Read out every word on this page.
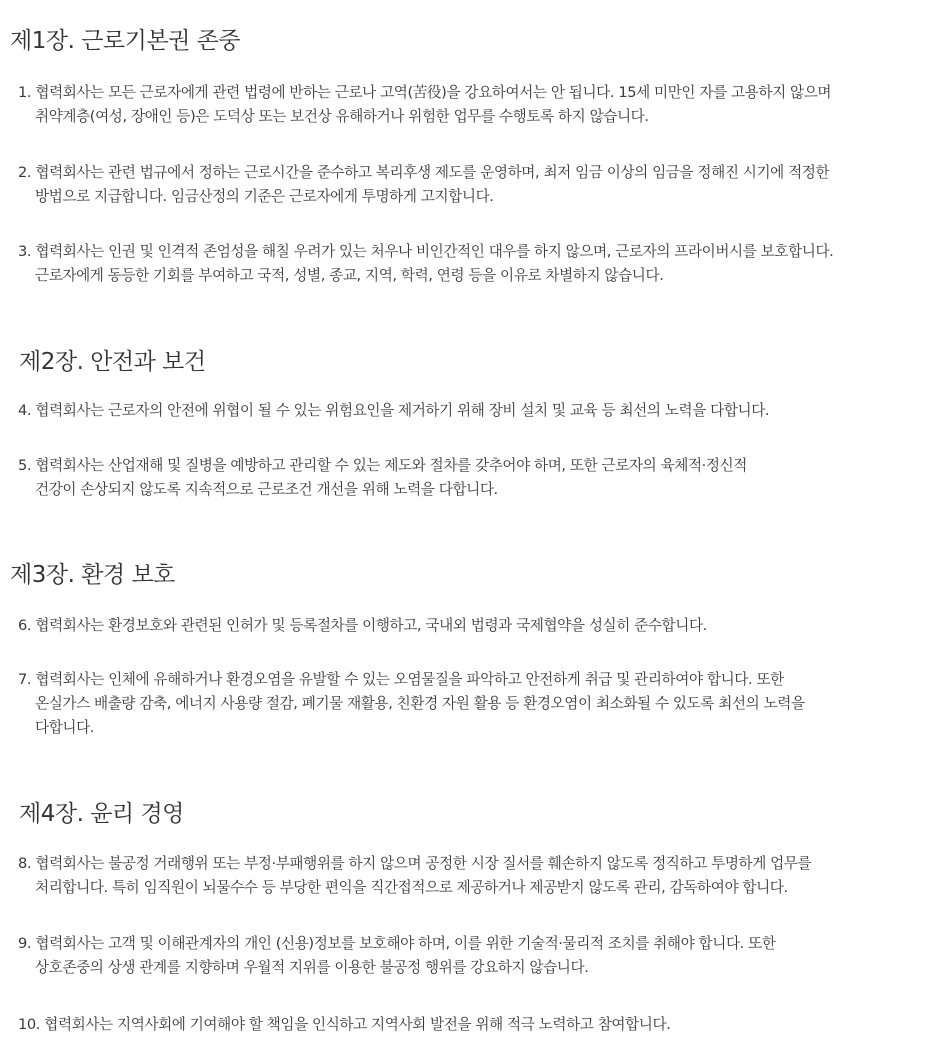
제1장. 근로기본권 존중

1. 협력회사는 모든 근로자에게 관련 법령에 반하는 근로나 고역(苦役)을 강요하여서는 안 됩니다. 15세 미만인 자를 고용하지 않으며
취약계층(여성, 장애인 등)은 도덕상 또는 보건상 유해하거나 위험한 업무를 수행토록 하지 않습니다.

2. 협력회사는 관련 법규에서 정하는 근로시간을 준수하고 복리후생 제도를 운영하며, 최저 임금 이상의 임금을 정해진 시기에 적정한
방법으로 지급합니다. 임금산정의 기준은 근로자에게 투명하게 고지합니다.

3. 협력회사는 인권 및 인격적 존엄성을 해칠 우려가 있는 처우나 비인간적인 대우를 하지 않으며, 근로자의 프라이버시를 보호합니다.
근로자에게 동등한 기회를 부여하고 국적, 성별, 종교, 지역, 학력, 연령 등을 이유로 차별하지 않습니다.

제2장. 안전과 보건

4. 협력회사는 근로자의 안전에 위협이 될 수 있는 위험요인을 제거하기 위해 장비 설치 및 교육 등 최선의 노력을 다합니다.

5. 협력회사는 산업재해 및 질병을 예방하고 관리할 수 있는 제도와 절차를 갖추어야 하며, 또한 근로자의 육체적·정신적
건강이 손상되지 않도록 지속적으로 근로조건 개선을 위해 노력을 다합니다.

제3장. 환경 보호

6. 협력회사는 환경보호와 관련된 인허가 및 등록절차를 이행하고, 국내외 법령과 국제협약을 성실히 준수합니다.

7. 협력회사는 인체에 유해하거나 환경오염을 유발할 수 있는 오염물질을 파악하고 안전하게 취급 및 관리하여야 합니다. 또한
온실가스 배출량 감축, 에너지 사용량 절감, 폐기물 재활용, 친환경 자원 활용 등 환경오염이 최소화될 수 있도록 최선의 노력을
다합니다.

제4장. 윤리 경영

8. 협력회사는 불공정 거래행위 또는 부정·부패행위를 하지 않으며 공정한 시장 질서를 훼손하지 않도록 정직하고 투명하게 업무를
처리합니다. 특히 임직원이 뇌물수수 등 부당한 편익을 직간접적으로 제공하거나 제공받지 않도록 관리, 감독하여야 합니다.

9. 협력회사는 고객 및 이해관계자의 개인 (신용)정보를 보호해야 하며, 이를 위한 기술적·물리적 조치를 취해야 합니다. 또한
상호존중의 상생 관계를 지향하며 우월적 지위를 이용한 불공정 행위를 강요하지 않습니다.

10. 협력회사는 지역사회에 기여해야 할 책임을 인식하고 지역사회 발전을 위해 적극 노력하고 참여합니다.
